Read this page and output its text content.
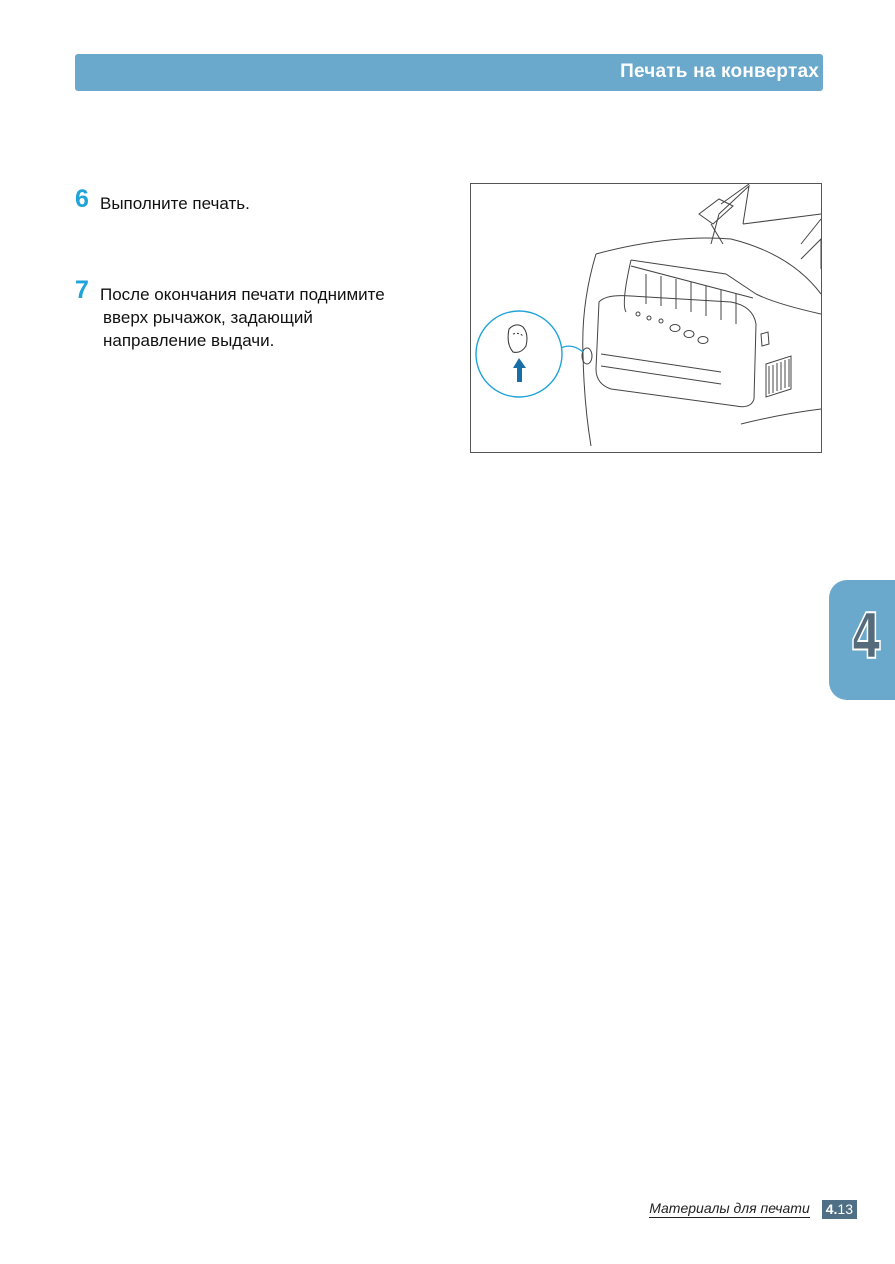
Печать на конвертах
6 Выполните печать.
7 После окончания печати поднимите
вверх рычажок, задающий
направление выдачи.
4
Материалы для печати 4.13
